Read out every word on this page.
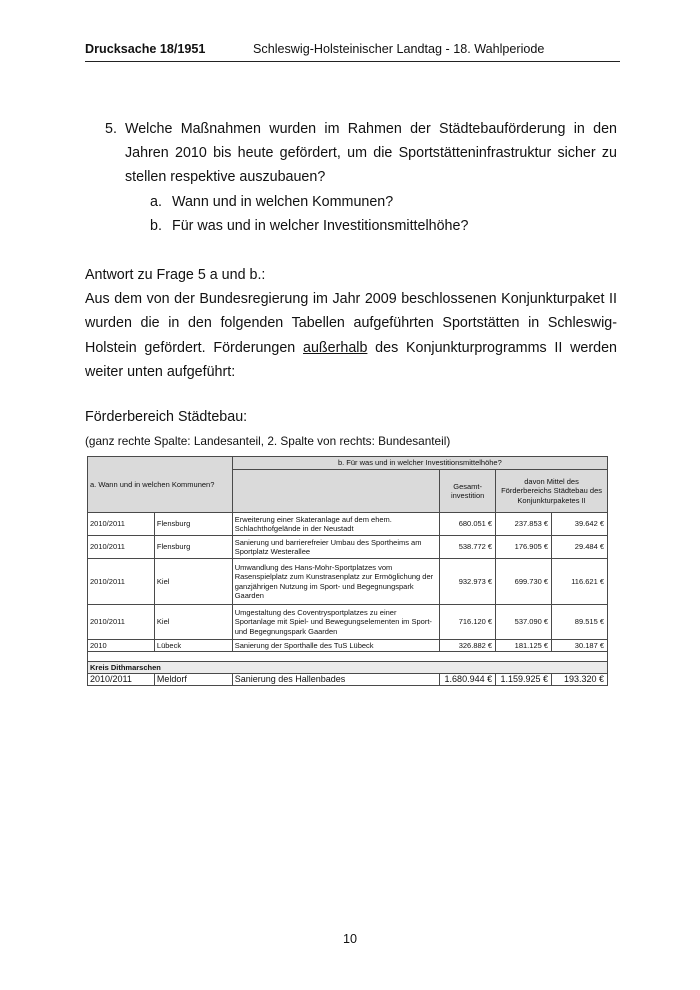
Drucksache 18/1951	Schleswig-Holsteinischer Landtag - 18. Wahlperiode
5. Welche Maßnahmen wurden im Rahmen der Städtebauförderung in den Jahren 2010 bis heute gefördert, um die Sportstätteninfrastruktur sicher zu stellen respektive auszubauen?
a. Wann und in welchen Kommunen?
b. Für was und in welcher Investitionsmittelhöhe?
Antwort zu Frage 5 a und b.:
Aus dem von der Bundesregierung im Jahr 2009 beschlossenen Konjunkturpaket II wurden die in den folgenden Tabellen aufgeführten Sportstätten in Schleswig-Holstein gefördert. Förderungen außerhalb des Konjunkturprogramms II werden weiter unten aufgeführt:
Förderbereich Städtebau:
(ganz rechte Spalte: Landesanteil, 2. Spalte von rechts: Bundesanteil)
a. Wann und in welchen Kommunen?		b. Für was und in welcher Investitionsmittelhöhe?			
			Gesamt-investition	davon Mittel des Förderbereichs Städtebau des Konjunkturpaketes II	
2010/2011	Flensburg	Erweiterung einer Skateranlage auf dem ehem. Schlachthofgelände in der Neustadt	680.051 €	237.853 €	39.642 €
2010/2011	Flensburg	Sanierung und barrierefreier Umbau des Sportheims am Sportplatz Westerallee	538.772 €	176.905 €	29.484 €
2010/2011	Kiel	Umwandlung des Hans-Mohr-Sportplatzes vom Rasenspielplatz zum Kunstrasenplatz zur Ermöglichung der ganzjährigen Nutzung im Sport- und Begegnungspark Gaarden	932.973 €	699.730 €	116.621 €
2010/2011	Kiel	Umgestaltung des Coventrysportplatzes zu einer Sportanlage mit Spiel- und Bewegungselementen im Sport- und Begegnungspark Gaarden	716.120 €	537.090 €	89.515 €
2010	Lübeck	Sanierung der Sporthalle des TuS Lübeck	326.882 €	181.125 €	30.187 €

Kreis Dithmarschen					
2010/2011	Meldorf	Sanierung des Hallenbades	1.680.944 €	1.159.925 €	193.320 €
10
